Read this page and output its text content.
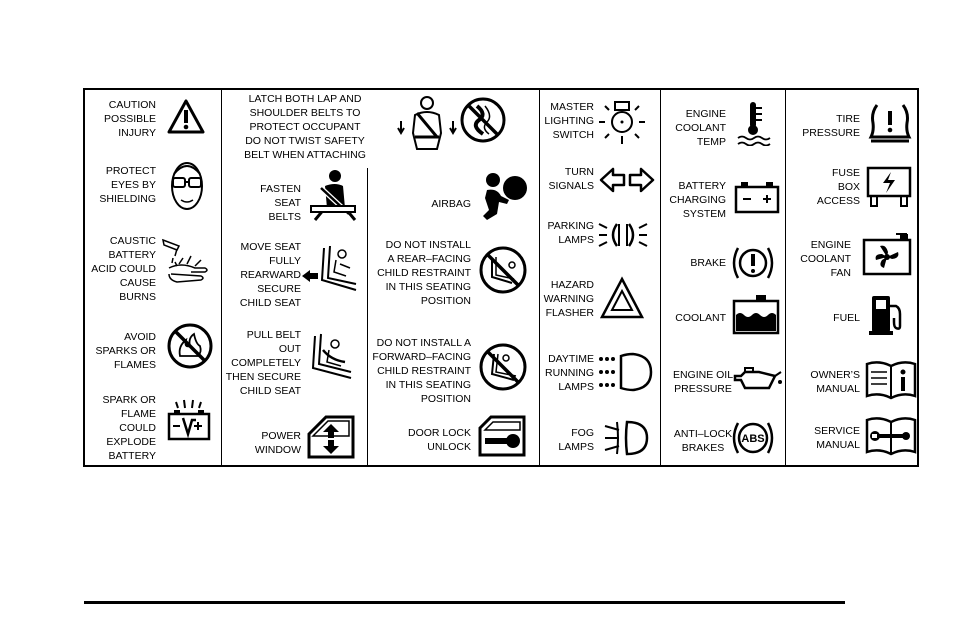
CAUTION
POSSIBLE
INJURY
PROTECT
EYES BY
SHIELDING
CAUSTIC
BATTERY
ACID COULD
CAUSE
BURNS
AVOID
SPARKS OR
FLAMES
SPARK OR
FLAME
COULD
EXPLODE
BATTERY
LATCH BOTH LAP AND
SHOULDER BELTS TO
PROTECT OCCUPANT
DO NOT TWIST SAFETY
BELT WHEN ATTACHING
FASTEN
SEAT
BELTS
MOVE SEAT
FULLY
REARWARD
SECURE
CHILD SEAT
PULL BELT
OUT
COMPLETELY
THEN SECURE
CHILD SEAT
POWER
WINDOW
AIRBAG
DO NOT INSTALL
A REAR–FACING
CHILD RESTRAINT
IN THIS SEATING
POSITION
DO NOT INSTALL A
FORWARD–FACING
CHILD RESTRAINT
IN THIS SEATING
POSITION
DOOR LOCK
UNLOCK
MASTER
LIGHTING
SWITCH
TURN
SIGNALS
PARKING
LAMPS
HAZARD
WARNING
FLASHER
DAYTIME
RUNNING
LAMPS
FOG
LAMPS
ENGINE
COOLANT
TEMP
BATTERY
CHARGING
SYSTEM
BRAKE
COOLANT
ENGINE OIL
PRESSURE
ANTI–LOCK
BRAKES
ABS
TIRE
PRESSURE
FUSE
BOX
ACCESS
ENGINE
COOLANT
FAN
FUEL
OWNER’S
MANUAL
SERVICE
MANUAL
